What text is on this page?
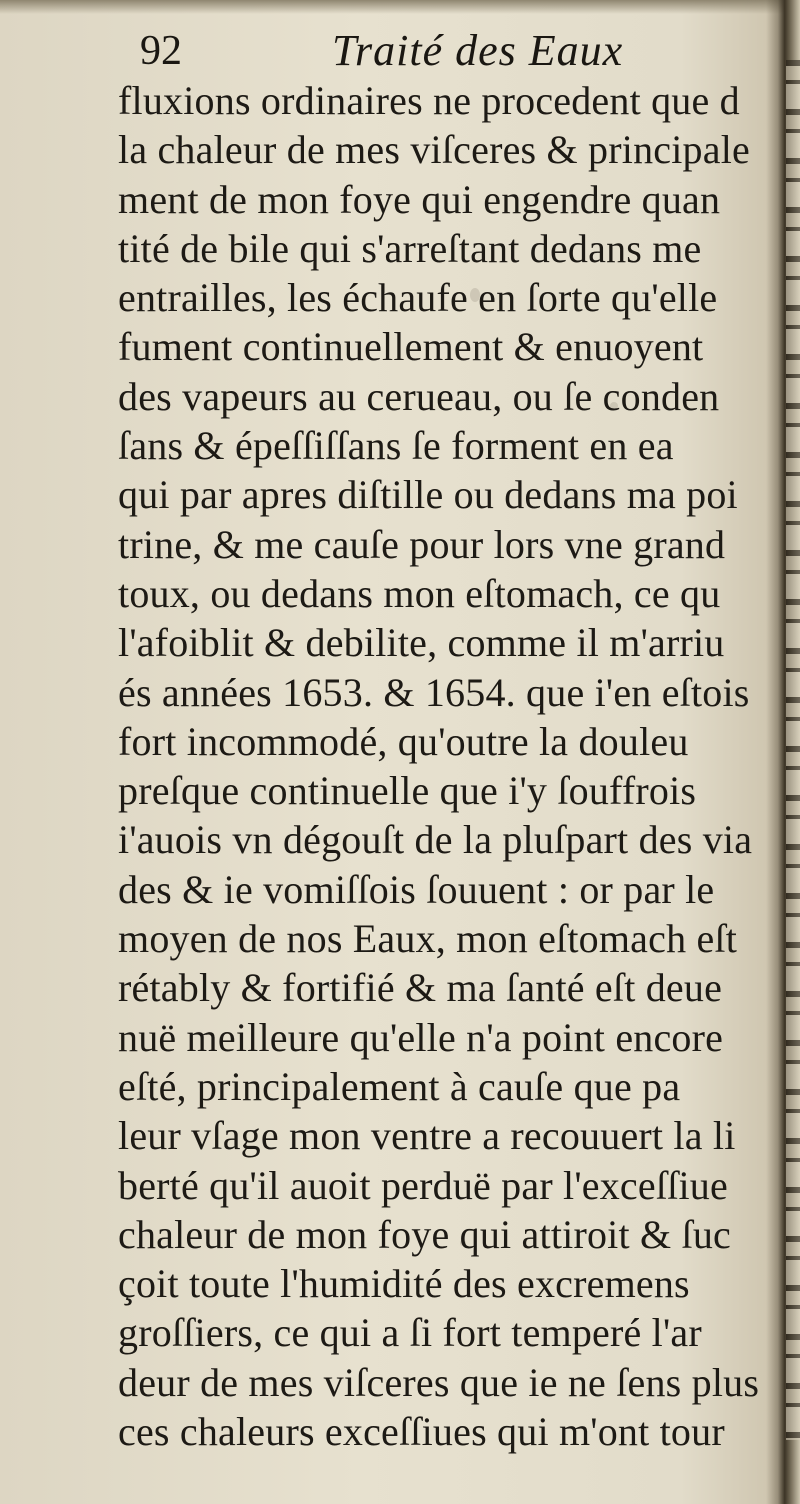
92	Traité des Eaux
fluxions ordinaires ne procedent que d
la chaleur de mes viſceres & principale
ment de mon foye qui engendre quan
tité de bile qui s'arreſtant dedans me
entrailles, les échaufe en ſorte qu'elle
fument continuellement & enuoyent
des vapeurs au cerueau, ou ſe conden
ſans & épeſſiſſans ſe forment en ea
qui par apres diſtille ou dedans ma poi
trine, & me cauſe pour lors vne grand
toux, ou dedans mon eſtomach, ce qu
l'afoiblit & debilite, comme il m'arriu
és années 1653. & 1654. que i'en eſtois
fort incommodé, qu'outre la douleu
preſque continuelle que i'y ſouffrois
i'auois vn dégouſt de la pluſpart des via
des & ie vomiſſois ſouuent : or par le
moyen de nos Eaux, mon eſtomach eſt
rétably & fortifié & ma ſanté eſt deue
nuë meilleure qu'elle n'a point encore
eſté, principalement à cauſe que pa
leur vſage mon ventre a recouuert la li
berté qu'il auoit perduë par l'exceſſiue
chaleur de mon foye qui attiroit & ſuc
çoit toute l'humidité des excremens
groſſiers, ce qui a ſi fort temperé l'ar
deur de mes viſceres que ie ne ſens plus
ces chaleurs exceſſiues qui m'ont tour
